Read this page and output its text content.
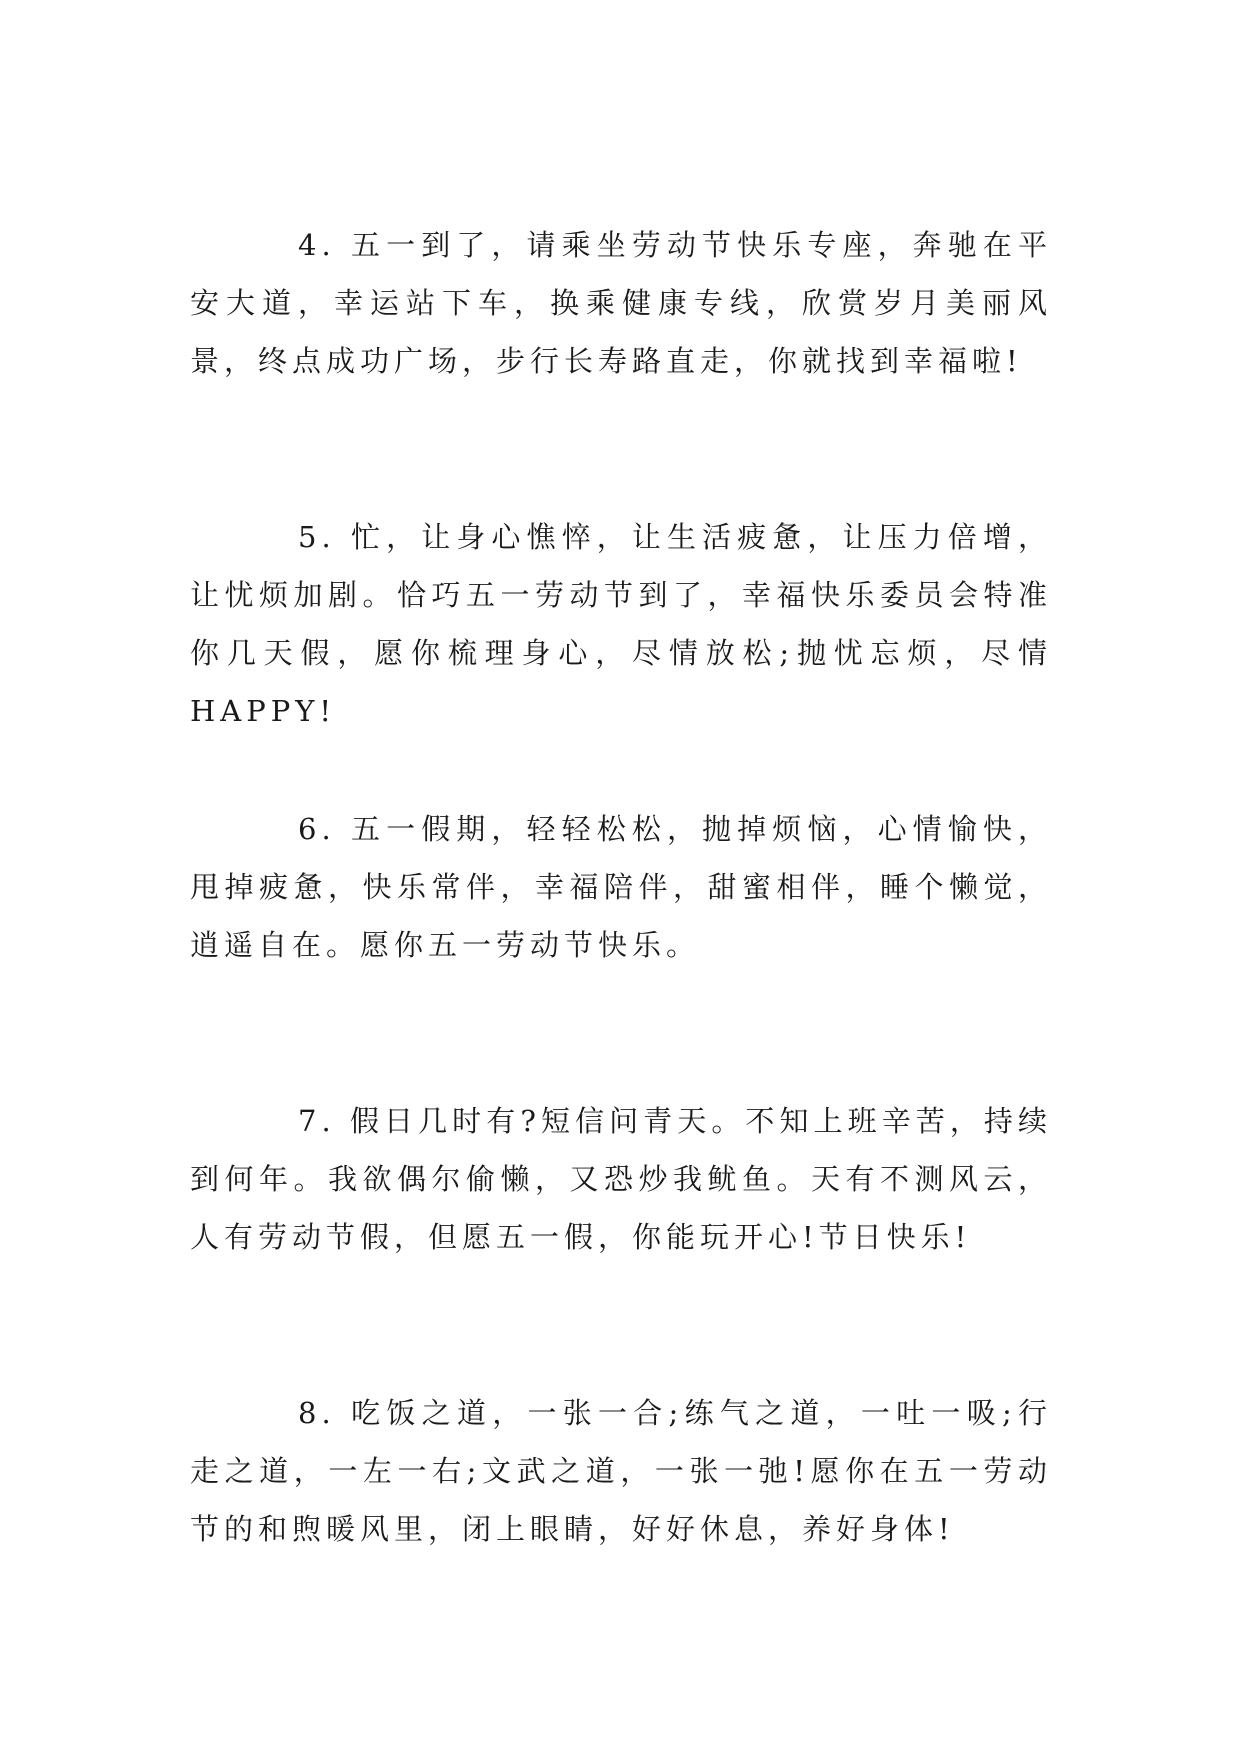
4. 五一到了，请乘坐劳动节快乐专座，奔驰在平安大道，幸运站下车，换乘健康专线，欣赏岁月美丽风景，终点成功广场，步行长寿路直走，你就找到幸福啦!

5. 忙，让身心憔悴，让生活疲惫，让压力倍增，让忧烦加剧。恰巧五一劳动节到了，幸福快乐委员会特准你几天假，愿你梳理身心，尽情放松;抛忧忘烦，尽情HAPPY!

6. 五一假期，轻轻松松，抛掉烦恼，心情愉快，甩掉疲惫，快乐常伴，幸福陪伴，甜蜜相伴，睡个懒觉，逍遥自在。愿你五一劳动节快乐。

7. 假日几时有?短信问青天。不知上班辛苦，持续到何年。我欲偶尔偷懒，又恐炒我鱿鱼。天有不测风云，人有劳动节假，但愿五一假，你能玩开心!节日快乐!

8. 吃饭之道，一张一合;练气之道，一吐一吸;行走之道，一左一右;文武之道，一张一弛!愿你在五一劳动节的和煦暖风里，闭上眼睛，好好休息，养好身体!
